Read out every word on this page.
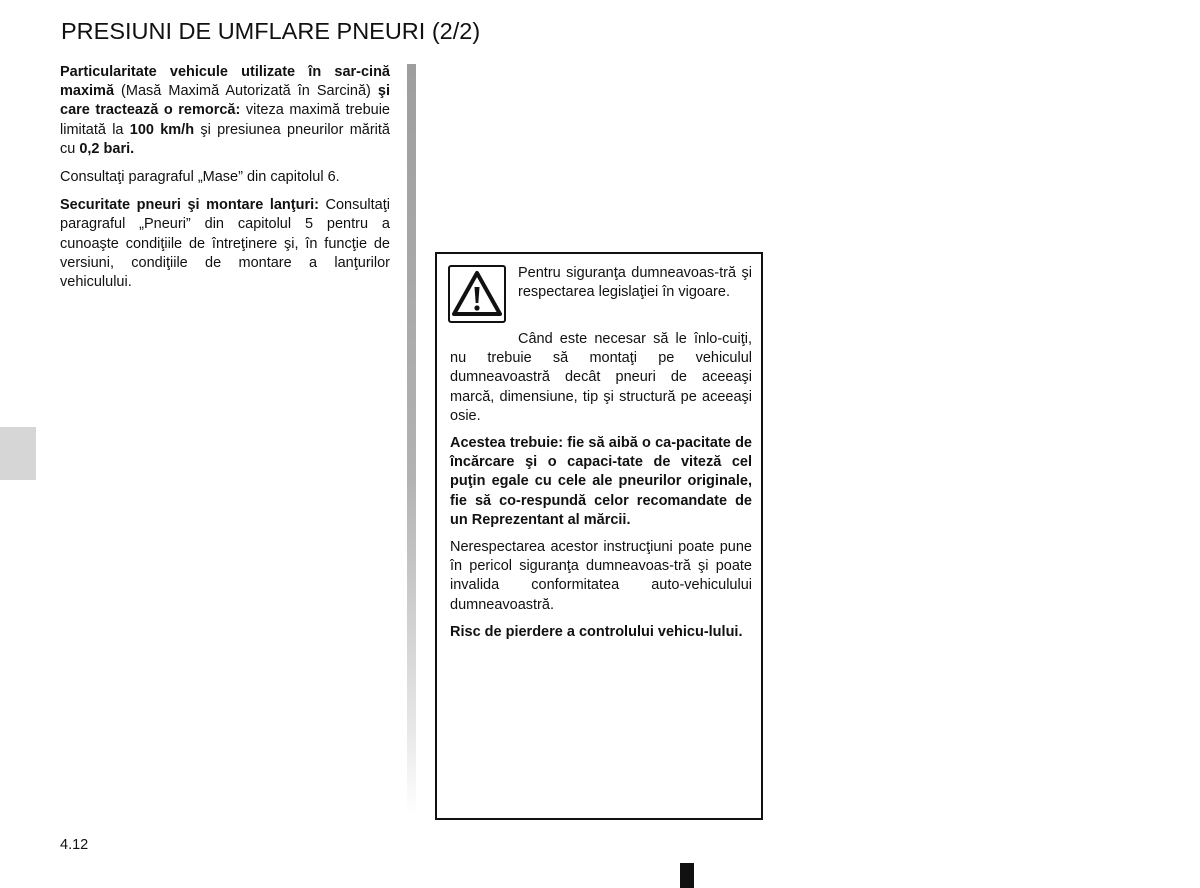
PRESIUNI DE UMFLARE PNEURI (2/2)

Particularitate vehicule utilizate în sar-cină maximă (Masă Maximă Autorizată în Sarcină) şi care tractează o remorcă: viteza maximă trebuie limitată la 100 km/h şi presiunea pneurilor mărită cu 0,2 bari.

Consultaţi paragraful „Mase” din capitolul 6.

Securitate pneuri şi montare lanţuri: Consultaţi paragraful „Pneuri” din capitolul 5 pentru a cunoaşte condiţiile de întreţinere şi, în funcţie de versiuni, condiţiile de montare a lanţurilor vehiculului.

Pentru siguranţa dumneavoas-tră şi respectarea legislaţiei în vigoare.

Când este necesar să le înlo-cuiţi, nu trebuie să montaţi pe vehiculul dumneavoastră decât pneuri de aceeaşi marcă, dimensiune, tip şi structură pe aceeaşi osie.

Acestea trebuie: fie să aibă o ca-pacitate de încărcare şi o capaci-tate de viteză cel puţin egale cu cele ale pneurilor originale, fie să co-respundă celor recomandate de un Reprezentant al mărcii.

Nerespectarea acestor instrucţiuni poate pune în pericol siguranţa dumneavoas-tră şi poate invalida conformitatea auto-vehiculului dumneavoastră.

Risc de pierdere a controlului vehicu-lului.

4.12
